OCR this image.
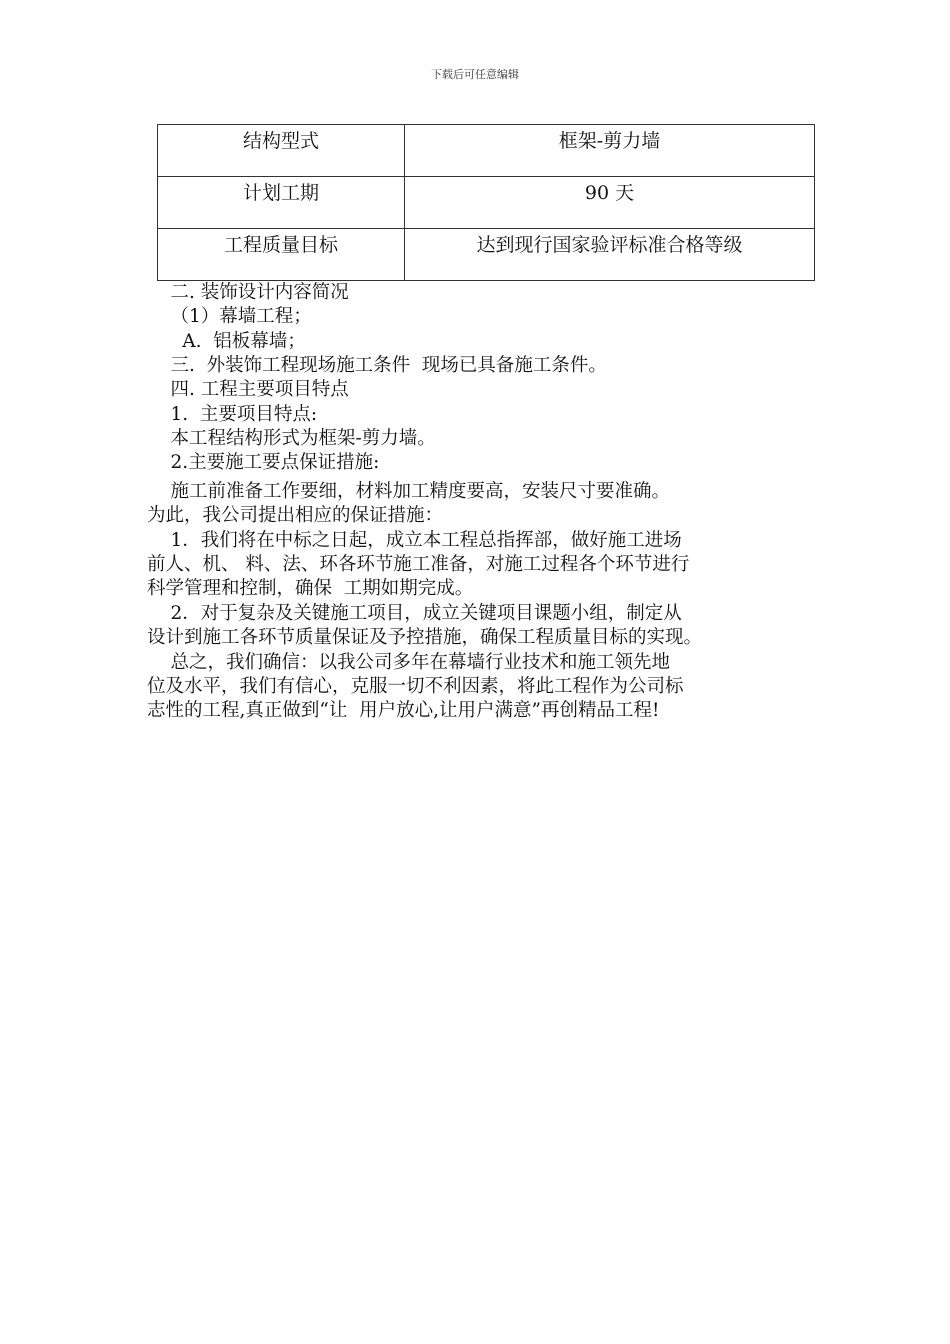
下载后可任意编辑
结构型式	框架-剪力墙
计划工期	90 天
工程质量目标	达到现行国家验评标准合格等级
二. 装饰设计内容简况
（1）幕墙工程；
A.  铝板幕墙；
三.  外装饰工程现场施工条件  现场已具备施工条件。
四. 工程主要项目特点
1.  主要项目特点:
本工程结构形式为框架-剪力墙。
2.主要施工要点保证措施:
施工前准备工作要细，材料加工精度要高，安装尺寸要准确。
为此，我公司提出相应的保证措施：
1．我们将在中标之日起，成立本工程总指挥部，做好施工进场
前人、机、 料、法、环各环节施工准备，对施工过程各个环节进行
科学管理和控制，确保  工期如期完成。
2．对于复杂及关键施工项目，成立关键项目课题小组，制定从
设计到施工各环节质量保证及予控措施，确保工程质量目标的实现。
总之，我们确信：以我公司多年在幕墙行业技术和施工领先地
位及水平，我们有信心，克服一切不利因素，将此工程作为公司标
志性的工程,真正做到“让  用户放心,让用户满意”再创精品工程!
